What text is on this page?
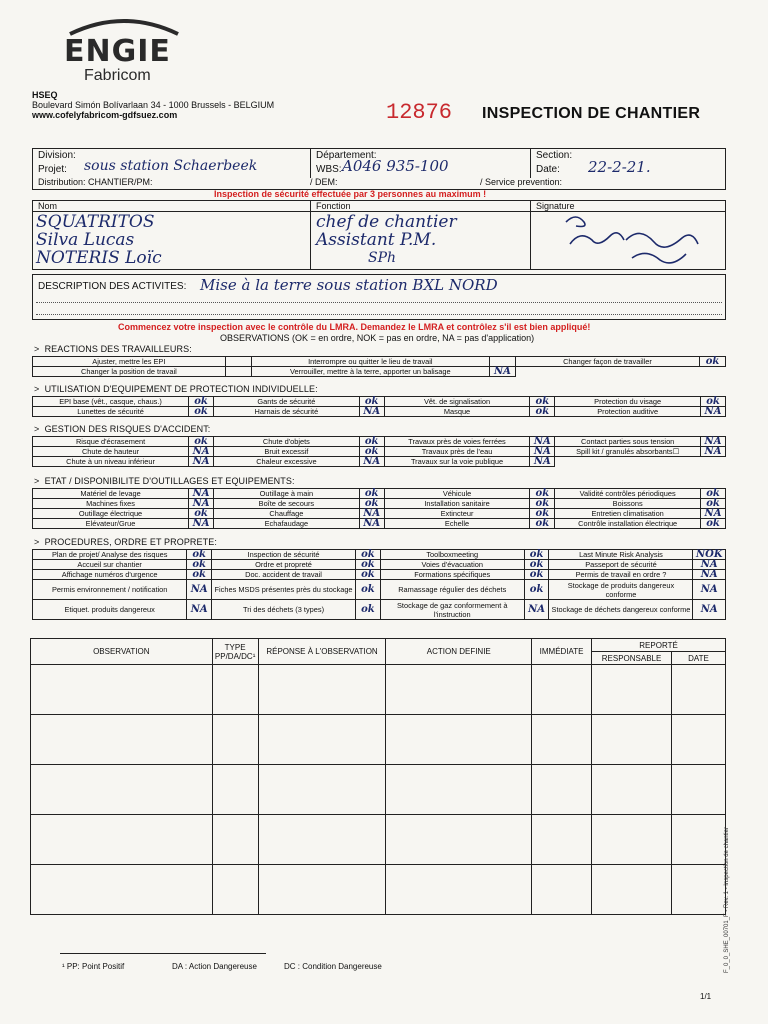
ENGIE
Fabricom
HSEQ
Boulevard Simón Bolívarlaan 34 - 1000 Brussels - BELGIUM
www.cofelyfabricom-gdfsuez.com	12876 INSPECTION DE CHANTIER
Division:
Projet: sous station Schaerbeek
Distribution: CHANTIER/PM:
Département:
WBS: A046 935-100
/ DEM:
Section:
Date: 22-2-21.
/ Service prevention:
Inspection de sécurité effectuée par 3 personnes au maximum !
Nom	Fonction	Signature
SQUATRITOS	chef de chantier
Silva Lucas	Assistant P.M.
NOTERIS Loïc	SPh
DESCRIPTION DES ACTIVITES: Mise à la terre sous station BXL NORD
Commencez votre inspection avec le contrôle du LMRA. Demandez le LMRA et contrôlez s'il est bien appliqué!
OBSERVATIONS (OK = en ordre, NOK = pas en ordre, NA = pas d'application)
>  REACTIONS DES TRAVAILLEURS:
Ajuster, mettre les EPI		Interrompre ou quitter le lieu de travail		Changer façon de travailler	ok
Changer la position de travail		Verrouiller, mettre à la terre, apporter un balisage	NA		
>  UTILISATION D'EQUIPEMENT DE PROTECTION INDIVIDUELLE:
EPI base (vêt., casque, chaus.)	ok	Gants de sécurité	ok	Vêt. de signalisation	ok	Protection du visage	ok
Lunettes de sécurité	ok	Harnais de sécurité	NA	Masque	ok	Protection auditive	NA
>  GESTION DES RISQUES D'ACCIDENT:
Risque d'écrasement	ok	Chute d'objets	ok	Travaux près de voies ferrées	NA	Contact parties sous tension	NA
Chute de hauteur	NA	Bruit excessif	ok	Travaux près de l'eau	NA	Spill kit / granulés absorbants☐	NA
Chute à un niveau inférieur	NA	Chaleur excessive	NA	Travaux sur la voie publique	NA		
>  ETAT / DISPONIBILITE D'OUTILLAGES ET EQUIPEMENTS:
Matériel de levage	NA	Outillage à main	ok	Véhicule	ok	Validité contrôles périodiques	ok
Machines fixes	NA	Boîte de secours	ok	Installation sanitaire	ok	Boissons	ok
Outillage électrique	ok	Chauffage	NA	Extincteur	ok	Entretien climatisation	NA
Elévateur/Grue	NA	Echafaudage	NA	Echelle	ok	Contrôle installation électrique	ok
>  PROCEDURES, ORDRE ET PROPRETE:
Plan de projet/ Analyse des risques	ok	Inspection de sécurité	ok	Toolboxmeeting	ok	Last Minute Risk Analysis	NOK
Accueil sur chantier	ok	Ordre et propreté	ok	Voies d'évacuation	ok	Passeport de sécurité	NA
Affichage numéros d'urgence	ok	Doc. accident de travail	ok	Formations spécifiques	ok	Permis de travail en ordre ?	NA
Permis environnement / notification	NA	Fiches MSDS présentes près du stockage	ok	Ramassage régulier des déchets	ok	Stockage de produits dangereux conforme	NA
Etiquet. produits dangereux	NA	Tri des déchets (3 types)	ok	Stockage de gaz conformement à l'instruction	NA	Stockage de déchets dangereux conforme	NA
OBSERVATION	TYPE PP/DA/DC¹	RÉPONSE À L'OBSERVATION	ACTION DEFINIE	IMMÉDIATE	REPORTÉ	
					RESPONSABLE	DATE

F_0_0_SHE_00701_F - Rev. 1 - Inspection de chantier
¹ PP: Point Positif	DA : Action Dangereuse	DC : Condition Dangereuse
1/1
